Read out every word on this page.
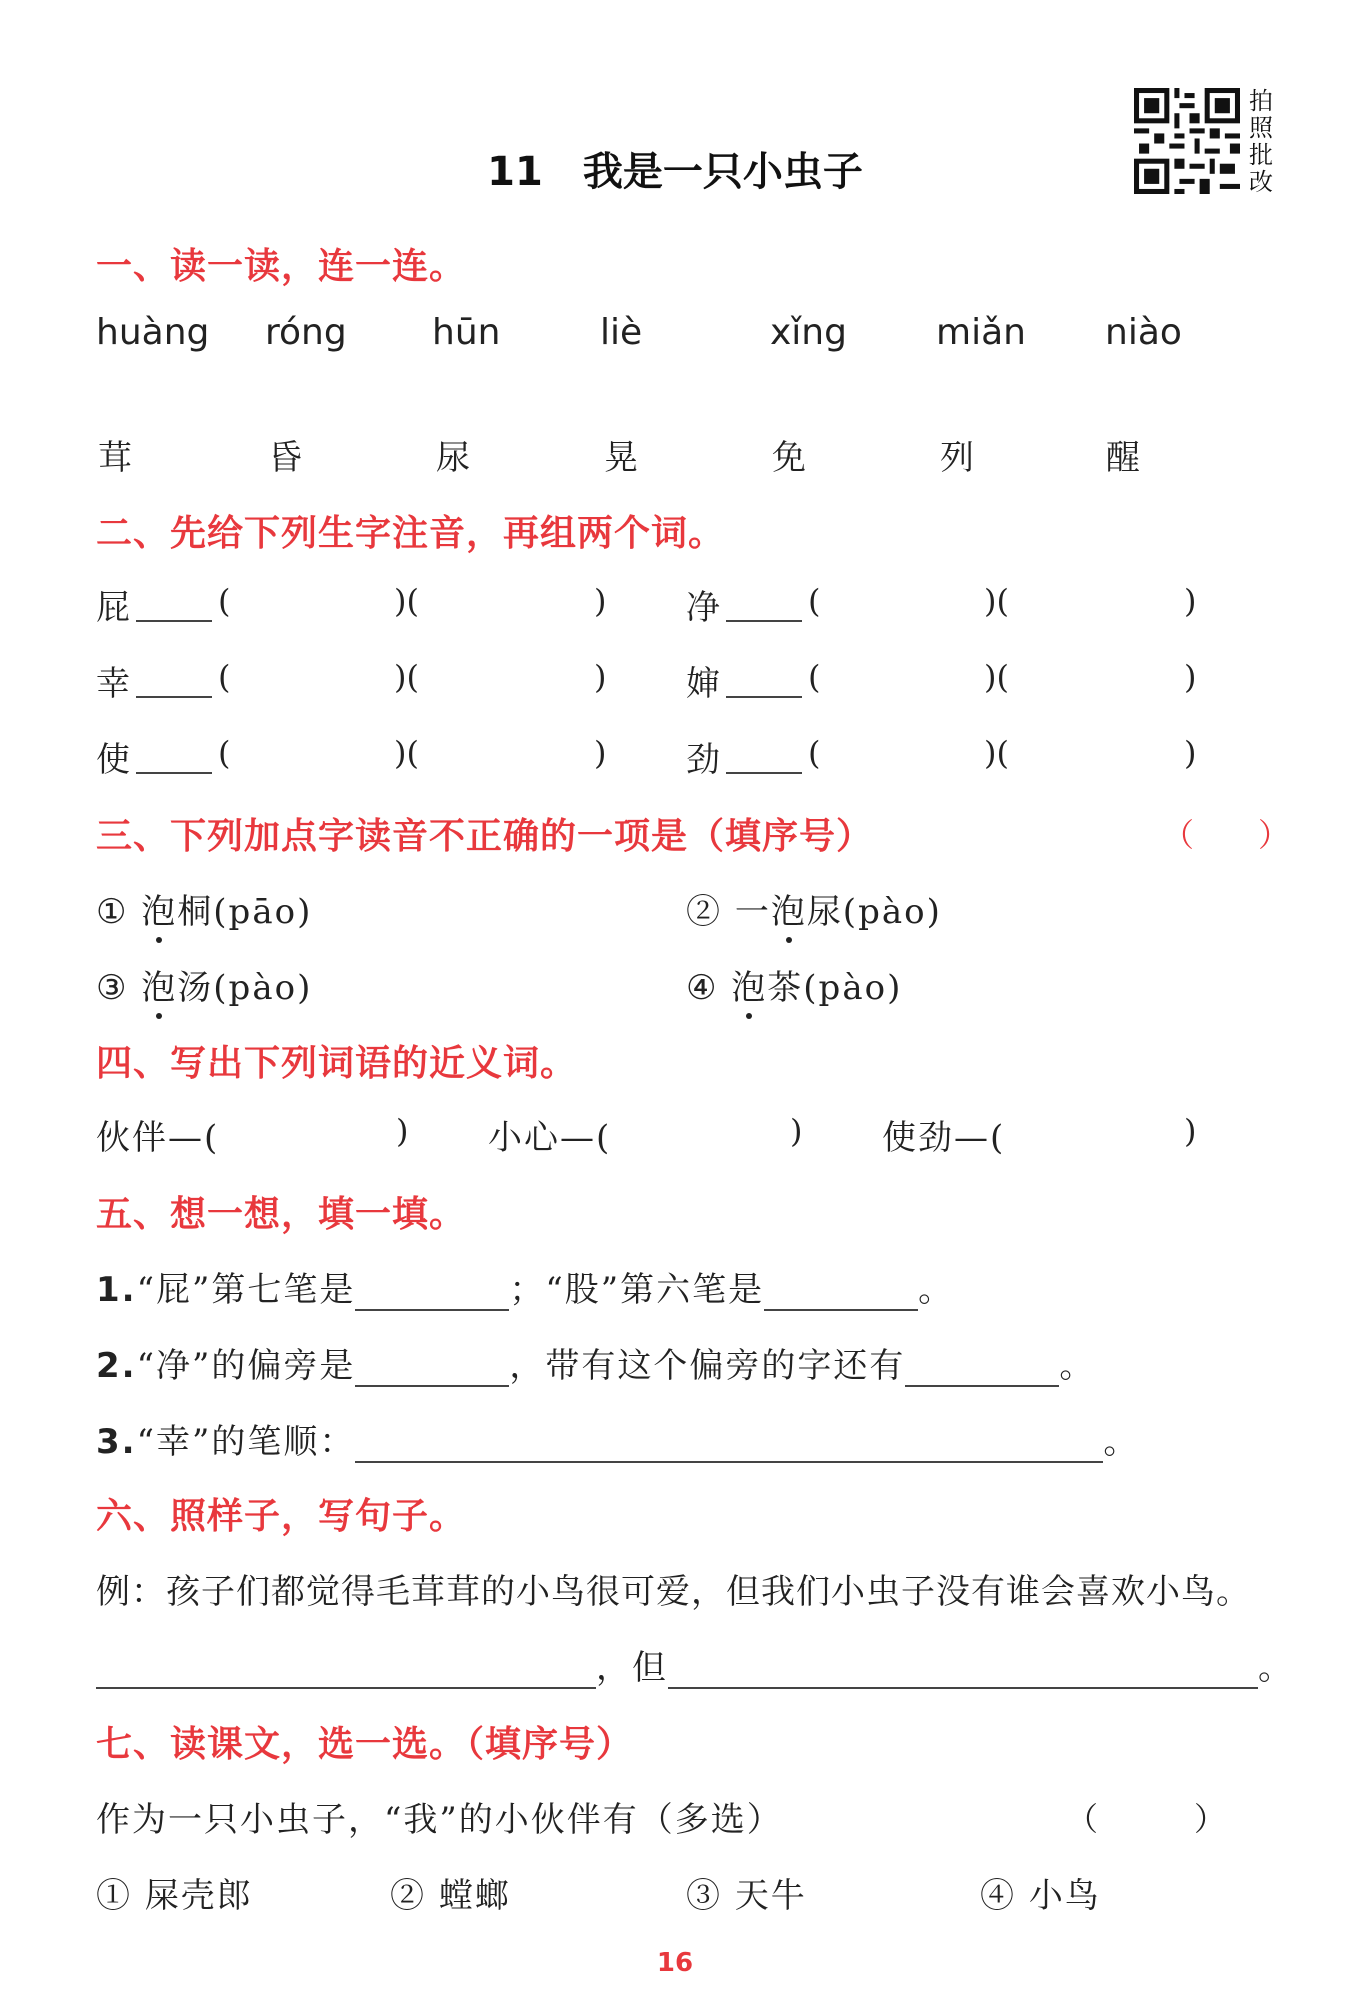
11　我是一只小虫子
拍
照
批
改
一、读一读，连一连。
huàng róng hūn	liè	xǐng miǎn niào
茸	昏	尿	晃	免	列	醒
二、先给下列生字注音，再组两个词。
屁	(	)(	) 净	(	)(	)
幸	(	)(	) 婶	(	)(	)
使	(	)(	) 劲	(	)(	)
三、下列加点字读音不正确的一项是（填序号）	（　　）
① 泡桐(pāo)	② 一泡尿(pào)
③ 泡汤(pào)	④ 泡茶(pào)
四、写出下列词语的近义词。
伙伴—(	) 小心—(	) 使劲—(	)
五、想一想，填一填。
1.“屁”第七笔是	；“股”第六笔是	。
2.“净”的偏旁是	，带有这个偏旁的字还有	。
3.“幸”的笔顺：	。
六、照样子，写句子。
例：孩子们都觉得毛茸茸的小鸟很可爱，但我们小虫子没有谁会喜欢小鸟。
，但	。
七、读课文，选一选。（填序号）
作为一只小虫子，“我”的小伙伴有（多选）	（　　　）
① 屎壳郎	② 螳螂	③ 天牛	④ 小鸟
16
